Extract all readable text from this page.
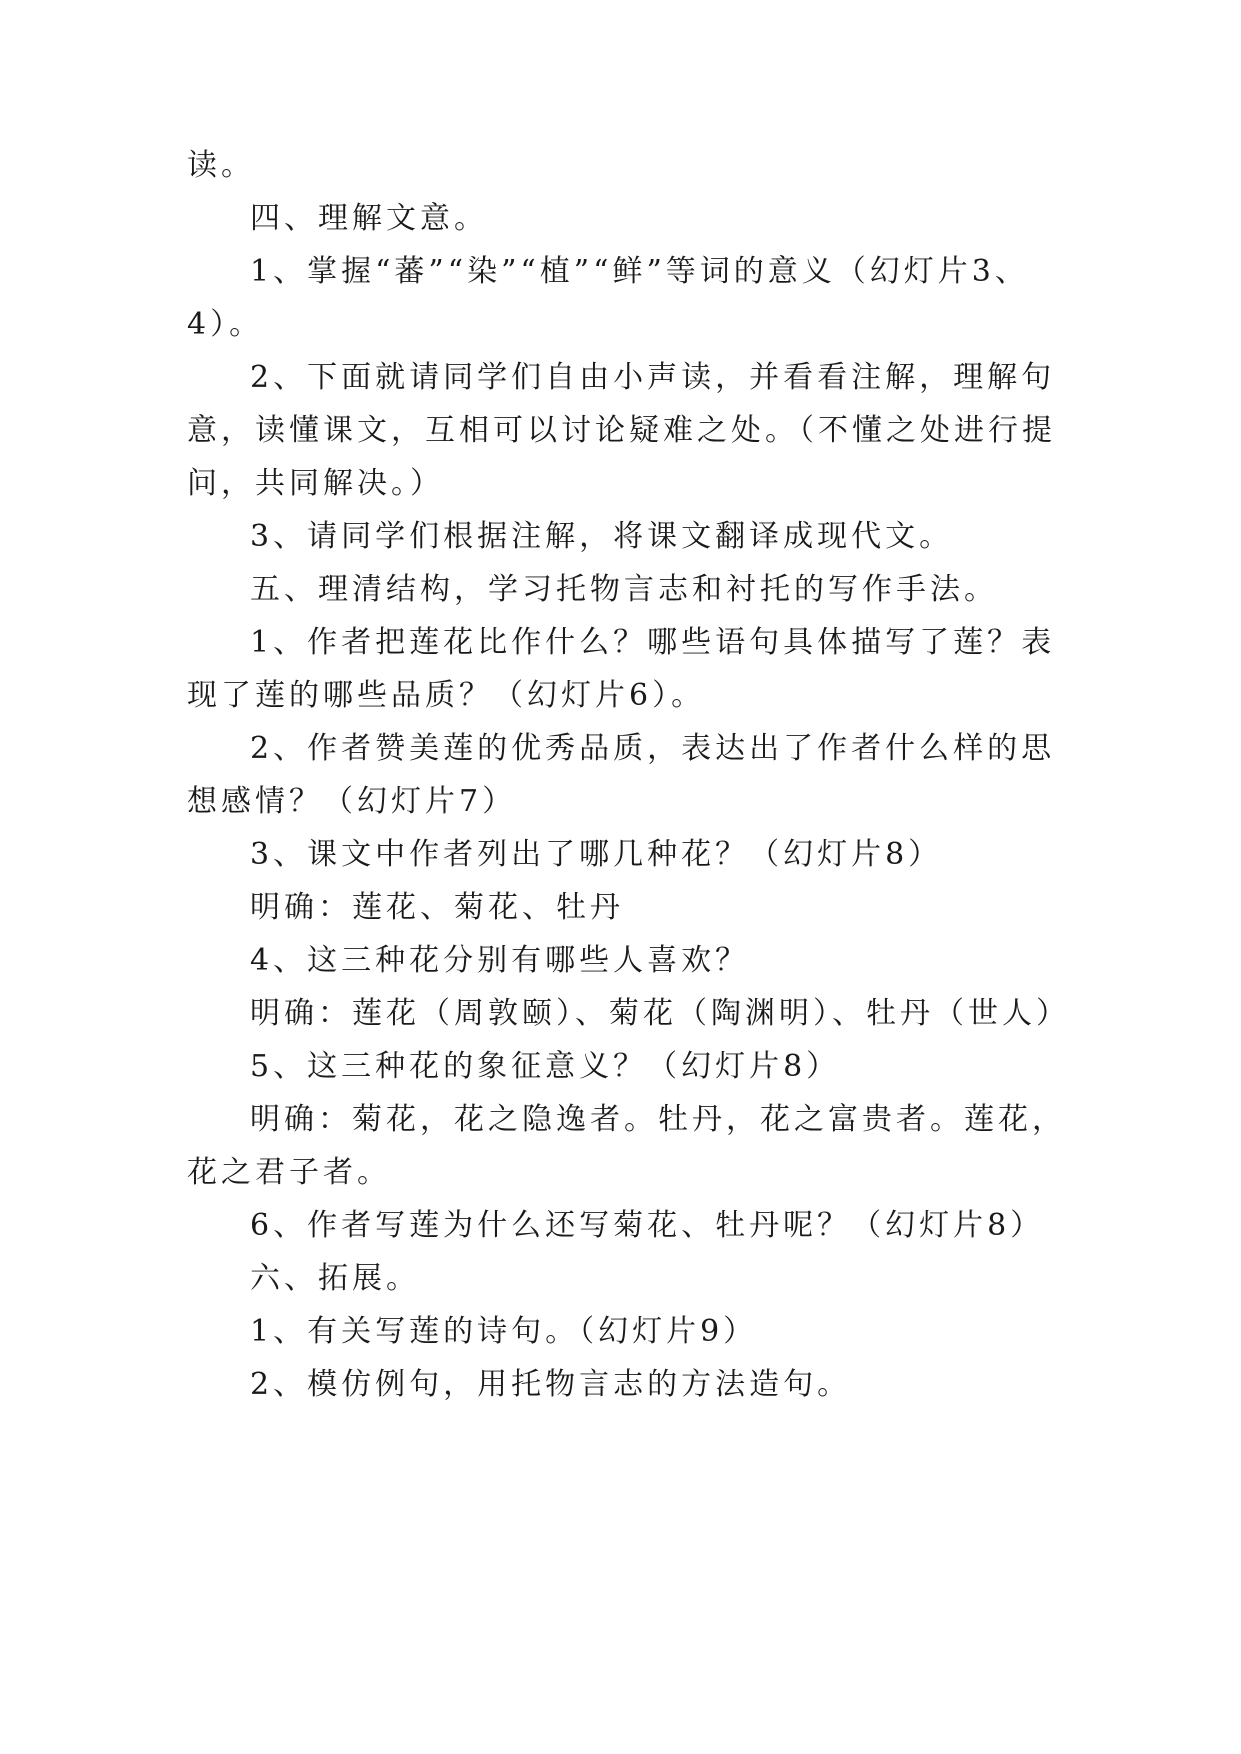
读。
四、理解文意。
1、掌握“蕃”“染”“植”“鲜”等词的意义（幻灯片3、
4）。
2、下面就请同学们自由小声读，并看看注解，理解句
意，读懂课文，互相可以讨论疑难之处。（不懂之处进行提
问，共同解决。）
3、请同学们根据注解，将课文翻译成现代文。
五、理清结构，学习托物言志和衬托的写作手法。
1、作者把莲花比作什么？哪些语句具体描写了莲？表
现了莲的哪些品质？（幻灯片6）。
2、作者赞美莲的优秀品质，表达出了作者什么样的思
想感情？（幻灯片7）
3、课文中作者列出了哪几种花？（幻灯片8）
明确：莲花、菊花、牡丹
4、这三种花分别有哪些人喜欢？
明确：莲花（周敦颐）、菊花（陶渊明）、牡丹（世人）
5、这三种花的象征意义？（幻灯片8）
明确：菊花，花之隐逸者。牡丹，花之富贵者。莲花，
花之君子者。
6、作者写莲为什么还写菊花、牡丹呢？（幻灯片8）
六、拓展。
1、有关写莲的诗句。（幻灯片9）
2、模仿例句，用托物言志的方法造句。
